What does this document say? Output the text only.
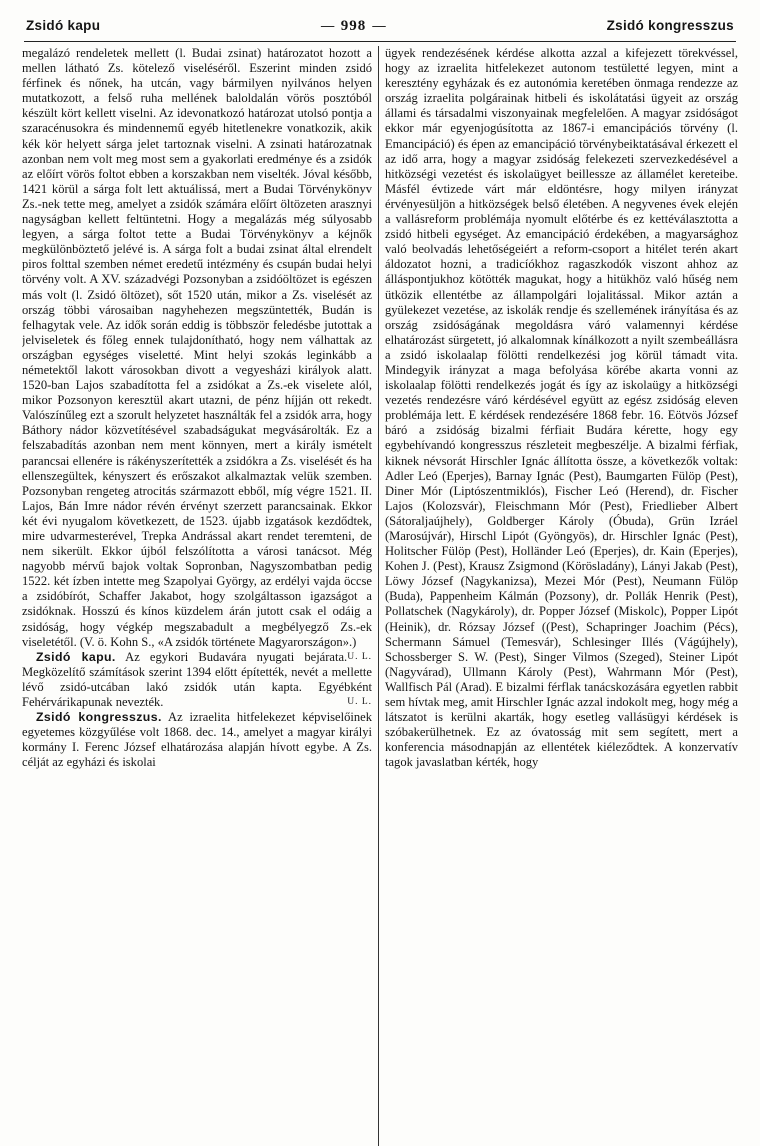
Zsidó kapu	— 998 —	Zsidó kongresszus

megalázó rendeletek mellett (l. Budai zsinat) határozatot hozott a mellen látható Zs. kötelező viseléséről. Eszerint minden zsidó férfinek és nőnek, ha utcán, vagy bármilyen nyilvános helyen mutatkozott, a felső ruha mellének baloldalán vörös posztóból készült kört kellett viselni. Az idevonatkozó határozat utolsó pontja a szaracénusokra és mindennemű egyéb hitetlenekre vonatkozik, akik kék kör helyett sárga jelet tartoznak viselni. A zsinati határozatnak azonban nem volt meg most sem a gyakorlati eredménye és a zsidók az előírt vörös foltot ebben a korszakban nem viselték. Jóval később, 1421 körül a sárga folt lett aktuálissá, mert a Budai Törvénykönyv Zs.-nek tette meg, amelyet a zsidók számára előírt öltözeten arasznyi nagyságban kellett feltüntetni. Hogy a megalázás még súlyosabb legyen, a sárga foltot tette a Budai Törvénykönyv a kéjnők megkülönböztető jelévé is. A sárga folt a budai zsinat által elrendelt piros folttal szemben német eredetű intézmény és csupán budai helyi törvény volt. A XV. századvégi Pozsonyban a zsidóöltözet is egészen más volt (l. Zsidó öltözet), sőt 1520 után, mikor a Zs. viselését az ország többi városaiban nagyhehezen megszüntették, Budán is felhagytak vele. Az idők során eddig is többször feledésbe jutottak a jelviseletek és főleg ennek tulajdonítható, hogy nem válhattak az országban egységes viseletté. Mint helyi szokás leginkább a németektől lakott városokban divott a vegyesházi királyok alatt. 1520-ban Lajos szabadította fel a zsidókat a Zs.-ek viselete alól, mikor Pozsonyon keresztül akart utazni, de pénz híjján ott rekedt. Valószínűleg ezt a szorult helyzetet használták fel a zsidók arra, hogy Báthory nádor közvetítésével szabadságukat megvásárolták. Ez a felszabadítás azonban nem ment könnyen, mert a király ismételt parancsai ellenére is rákényszerítették a zsidókra a Zs. viselését és ha ellenszegültek, kényszert és erőszakot alkalmaztak velük szemben. Pozsonyban rengeteg atrocitás származott ebből, míg végre 1521. II. Lajos, Bán Imre nádor révén érvényt szerzett parancsainak. Ekkor két évi nyugalom következett, de 1523. újabb izgatások kezdődtek, mire udvarmesterével, Trepka Andrással akart rendet teremteni, de nem sikerült. Ekkor újból felszólította a városi tanácsot. Még nagyobb mérvű bajok voltak Sopronban, Nagyszombatban pedig 1522. két ízben intette meg Szapolyai György, az erdélyi vajda öccse a zsidóbírót, Schaffer Jakabot, hogy szolgáltasson igazságot a zsidóknak. Hosszú és kínos küzdelem árán jutott csak el odáig a zsidóság, hogy végkép megszabadult a megbélyegző Zs.-ek viseletétől. (V. ö. Kohn S., «A zsidók története Magyarországon».)
U. L.

Zsidó kapu. Az egykori Budavára nyugati bejárata. Megközelítő számítások szerint 1394 előtt építették, nevét a mellette lévő zsidó-utcában lakó zsidók után kapta. Egyébként Fehérvárikapunak nevezték.	U. L.

Zsidó kongresszus. Az izraelita hitfelekezet képviselőinek egyetemes közgyűlése volt 1868. dec. 14., amelyet a magyar királyi kormány I. Ferenc József elhatározása alapján hívott egybe. A Zs. célját az egyházi és iskolai

ügyek rendezésének kérdése alkotta azzal a kifejezett törekvéssel, hogy az izraelita hitfelekezet autonom testületté legyen, mint a keresztény egyházak és ez autonómia keretében önmaga rendezze az ország izraelita polgárainak hitbeli és iskolátatási ügyeit az ország állami és társadalmi viszonyainak megfelelően. A magyar zsidóságot ekkor már egyenjogúsította az 1867-i emancipációs törvény (l. Emancipáció) és épen az emancipáció törvénybeiktatásával érkezett el az idő arra, hogy a magyar zsidóság felekezeti szervezkedésével a hitközségi vezetést és iskolaügyet beillessze az államélet kereteibe. Másfél évtizede várt már eldöntésre, hogy milyen irányzat érvényesüljön a hitközségek belső életében. A negyvenes évek elején a vallásreform problémája nyomult előtérbe és ez kettéválasztotta a zsidó hitbeli egységet. Az emancipáció érdekében, a magyarsághoz való beolvadás lehetőségeiért a reform-csoport a hitélet terén akart áldozatot hozni, a tradicíókhoz ragaszkodók viszont ahhoz az álláspontjukhoz kötötték magukat, hogy a hitükhöz való hűség nem ütközik ellentétbe az állampolgári lojalitással. Mikor aztán a gyülekezet vezetése, az iskolák rendje és szellemének irányítása és az ország zsidóságának megoldásra váró valamennyi kérdése elhatározást sürgetett, jó alkalomnak kínálkozott a nyilt szembeállásra a zsidó iskolaalap fölötti rendelkezési jog körül támadt vita. Mindegyik irányzat a maga befolyása körébe akarta vonni az iskolaalap fölötti rendelkezés jogát és így az iskolaügy a hitközségi vezetés rendezésre váró kérdésével együtt az egész zsidóság eleven problémája lett. E kérdések rendezésére 1868 febr. 16. Eötvös József báró a zsidóság bizalmi férfiait Budára kérette, hogy egy egybehívandó kongresszus részleteit megbeszélje. A bizalmi férfiak, kiknek névsorát Hirschler Ignác állította össze, a következők voltak: Adler Leó (Eperjes), Barnay Ignác (Pest), Baumgarten Fülöp (Pest), Diner Mór (Liptószentmiklós), Fischer Leó (Herend), dr. Fischer Lajos (Kolozsvár), Fleischmann Mór (Pest), Friedlieber Albert (Sátoraljaújhely), Goldberger Károly (Óbuda), Grün Izráel (Marosújvár), Hirschl Lipót (Gyöngyös), dr. Hirschler Ignác (Pest), Holitscher Fülöp (Pest), Holländer Leó (Eperjes), dr. Kain (Eperjes), Kohen J. (Pest), Krausz Zsigmond (Körösladány), Lányi Jakab (Pest), Löwy József (Nagykanizsa), Mezei Mór (Pest), Neumann Fülöp (Buda), Pappenheim Kálmán (Pozsony), dr. Pollák Henrik (Pest), Pollatschek (Nagykároly), dr. Popper József (Miskolc), Popper Lipót (Heinik), dr. Rózsay József ((Pest), Schapringer Joachim (Pécs), Schermann Sámuel (Temesvár), Schlesinger Illés (Vágújhely), Schossberger S. W. (Pest), Singer Vilmos (Szeged), Steiner Lipót (Nagyvárad), Ullmann Károly (Pest), Wahrmann Mór (Pest), Wallfisch Pál (Arad). E bizalmi férflak tanácskozására egyetlen rabbit sem hívtak meg, amit Hirschler Ignác azzal indokolt meg, hogy még a látszatot is kerülni akarták, hogy esetleg vallásügyi kérdések is szóbakerülhetnek. Ez az óvatosság mit sem segített, mert a konferencia másodnapján az ellentétek kiéleződtek. A konzervatív tagok javaslatban kérték, hogy
